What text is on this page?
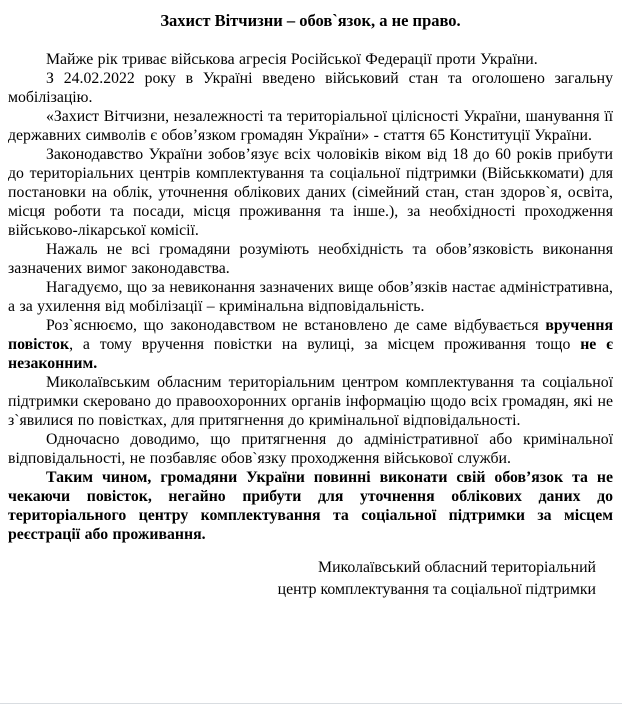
Захист Вітчизни – обов`язок, а не право.

Майже рік триває військова агресія Російської Федерації проти України.

З 24.02.2022 року в Україні введено військовий стан та оголошено загальну мобілізацію.

«Захист Вітчизни, незалежності та територіальної цілісності України, шанування її державних символів є обов’язком громадян України» - стаття 65 Конституції України.

Законодавство України зобов’язує всіх чоловіків віком від 18 до 60 років прибути до територіальних центрів комплектування та соціальної підтримки (Військкомати) для постановки на облік, уточнення облікових даних (сімейний стан, стан здоров`я, освіта, місця роботи та посади, місця проживання та інше.), за необхідності проходження військово-лікарської комісії.

Нажаль не всі громадяни розуміють необхідність та обов’язковість виконання зазначених вимог законодавства.

Нагадуємо, що за невиконання зазначених вище обов’язків настає адміністративна, а за ухилення від мобілізації – кримінальна відповідальність.

Роз`яснюємо, що законодавством не встановлено де саме відбувається вручення повісток, а тому вручення повістки на вулиці, за місцем проживання тощо не є незаконним.

Миколаївським обласним територіальним центром комплектування та соціальної підтримки скеровано до правоохоронних органів інформацію щодо всіх громадян, які не з`явилися по повістках, для притягнення до кримінальної відповідальності.

Одночасно доводимо, що притягнення до адміністративної або кримінальної відповідальності, не позбавляє обов`язку проходження військової служби.

Таким чином, громадяни України повинні виконати свій обов’язок та не чекаючи повісток, негайно прибути для уточнення облікових даних до територіального центру комплектування та соціальної підтримки за місцем реєстрації або проживання.

Миколаївський обласний територіальний
центр комплектування та соціальної підтримки
